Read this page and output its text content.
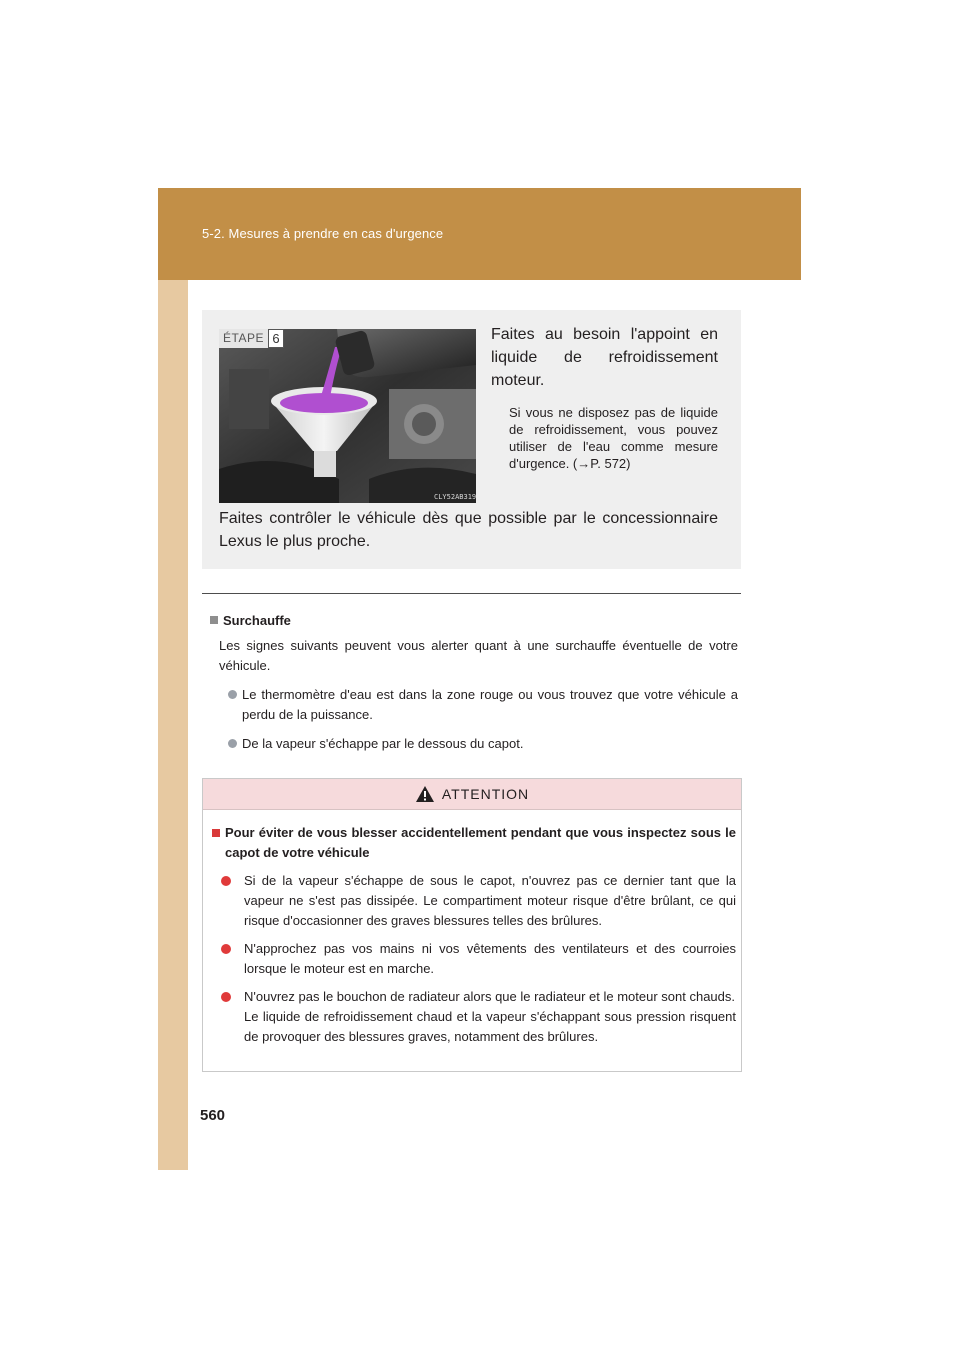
5-2. Mesures à prendre en cas d'urgence
ÉTAPE 6
CLY52AB319
Faites au besoin l'appoint en liquide de refroidissement moteur.
Si vous ne disposez pas de liquide de refroidissement, vous pouvez utiliser de l'eau comme mesure d'urgence. (→P. 572)
Faites contrôler le véhicule dès que possible par le concessionnaire Lexus le plus proche.
Surchauffe
Les signes suivants peuvent vous alerter quant à une surchauffe éventuelle de votre véhicule.
Le thermomètre d'eau est dans la zone rouge ou vous trouvez que votre véhicule a perdu de la puissance.
De la vapeur s'échappe par le dessous du capot.
ATTENTION
Pour éviter de vous blesser accidentellement pendant que vous inspectez sous le capot de votre véhicule

Si de la vapeur s'échappe de sous le capot, n'ouvrez pas ce dernier tant que la vapeur ne s'est pas dissipée. Le compartiment moteur risque d'être brûlant, ce qui risque d'occasionner des graves blessures telles des brûlures.

N'approchez pas vos mains ni vos vêtements des ventilateurs et des courroies lorsque le moteur est en marche.

N'ouvrez pas le bouchon de radiateur alors que le radiateur et le moteur sont chauds.

Le liquide de refroidissement chaud et la vapeur s'échappant sous pression risquent de provoquer des blessures graves, notamment des brûlures.

560
